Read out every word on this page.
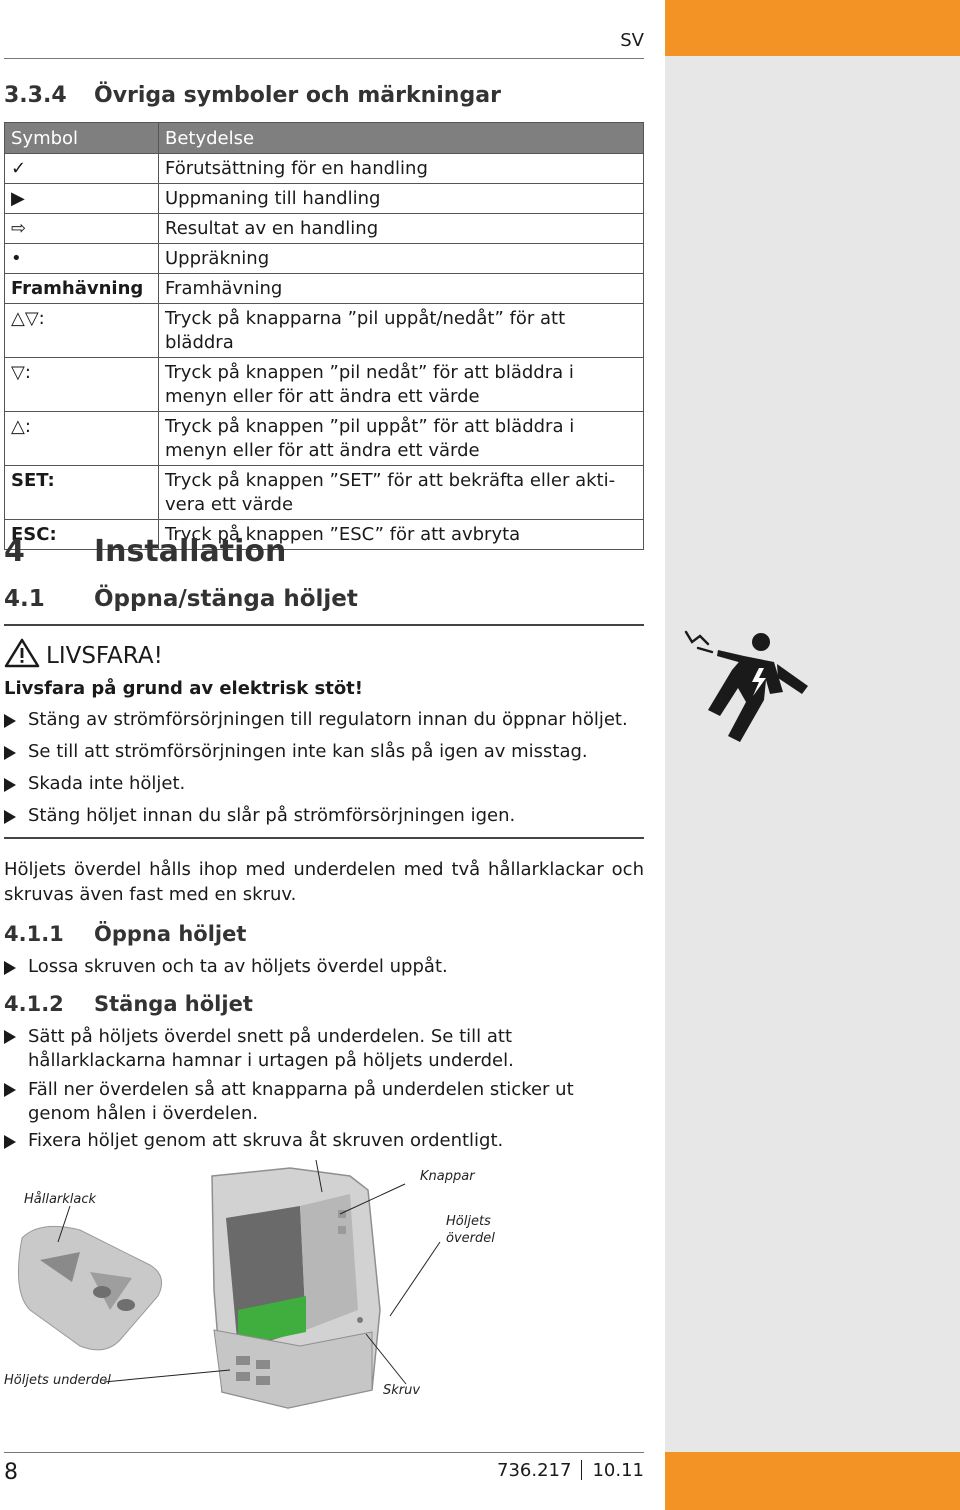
SV
3.3.4 Övriga symboler och märkningar
Symbol	Betydelse
✓	Förutsättning för en handling
▶	Uppmaning till handling
⇨	Resultat av en handling
•	Uppräkning
Framhävning	Framhävning
△▽:	Tryck på knapparna ”pil uppåt/nedåt” för att bläddra
▽:	Tryck på knappen ”pil nedåt” för att bläddra i menyn eller för att ändra ett värde
△:	Tryck på knappen ”pil uppåt” för att bläddra i menyn eller för att ändra ett värde
SET:	Tryck på knappen ”SET” för att bekräfta eller akti-vera ett värde
ESC:	Tryck på knappen ”ESC” för att avbryta
4 Installation
4.1 Öppna/stänga höljet
LIVSFARA!
Livsfara på grund av elektrisk stöt!
Stäng av strömförsörjningen till regulatorn innan du öppnar höljet.
Se till att strömförsörjningen inte kan slås på igen av misstag.
Skada inte höljet.
Stäng höljet innan du slår på strömförsörjningen igen.
Höljets överdel hålls ihop med underdelen med två hållarklackar och skruvas även fast med en skruv.
4.1.1 Öppna höljet
Lossa skruven och ta av höljets överdel uppåt.
4.1.2 Stänga höljet
Sätt på höljets överdel snett på underdelen. Se till att hållarklackarna hamnar i urtagen på höljets underdel.
Fäll ner överdelen så att knapparna på underdelen sticker ut genom hålen i överdelen.
Fixera höljet genom att skruva åt skruven ordentligt.
Hållarklack
Knappar
Höljets överdel
Höljets underdel
Skruv
8	736.217 10.11
